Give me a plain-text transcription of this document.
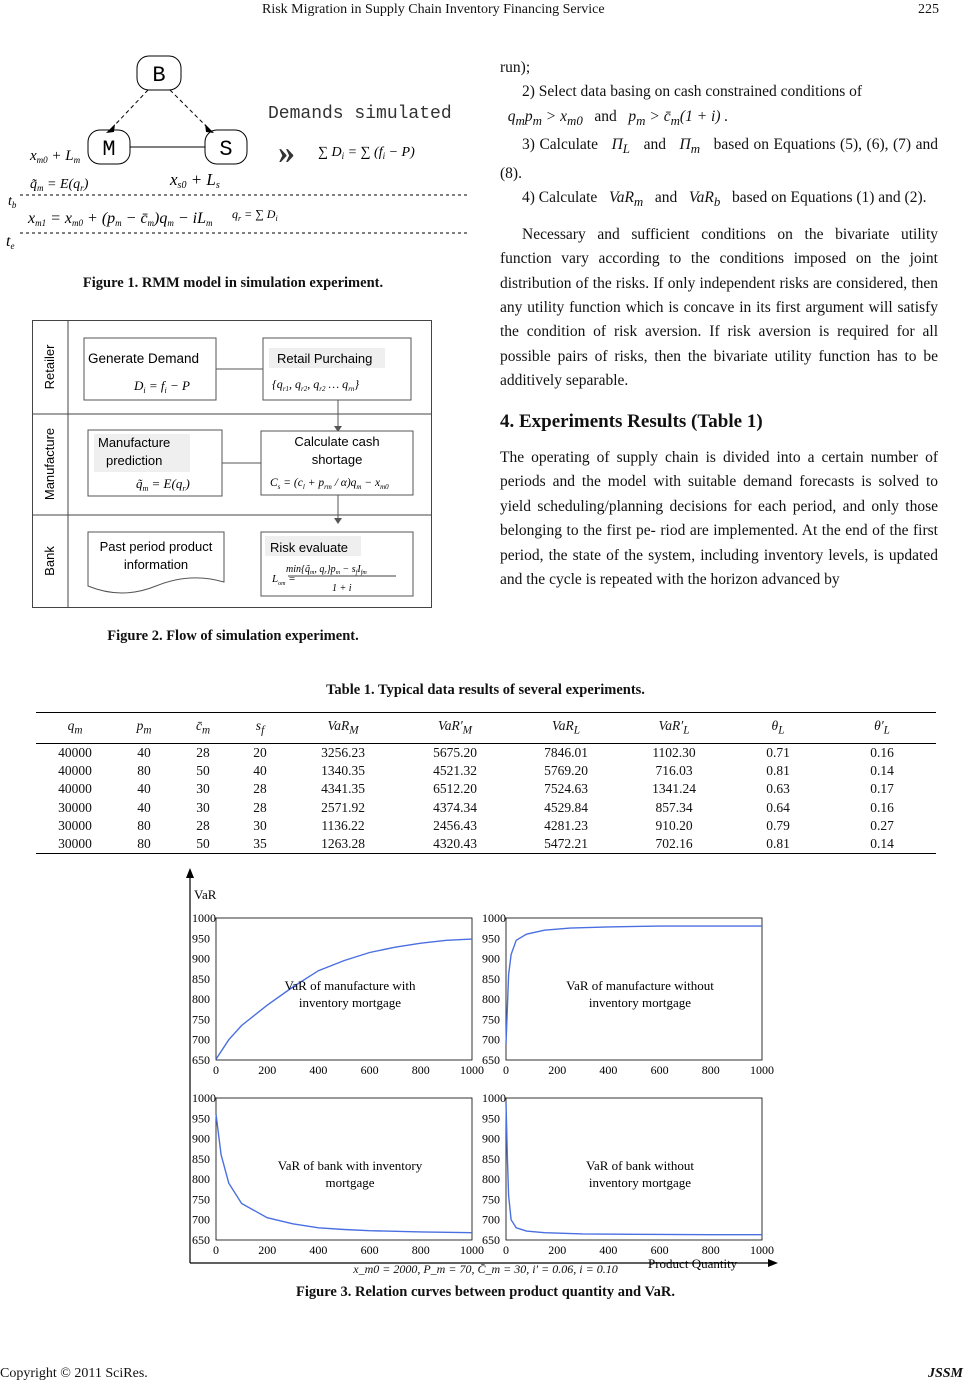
Risk Migration in Supply Chain Inventory Financing Service	225
B
M	S
Demands simulated
» ∑ $D_i$ = ∑ $(f_i - P)$
$x_{m0} + L_m$
$q̃_m = E(q_r)$	xs0 + Ls
$t_b$
xm1 = xm0 + (pm − c̄m)qm − iLm
$q_r$ = ∑ $D_i$
te
Figure 1. RMM model in simulation experiment.
Retailer
Manufacture
Bank
Generate Demand
$D_i = f_i - P$
Retail Purchaing
{$q_{r1}$, $q_{r2}$, $q_{r2}$ … $q_{rn}$}
Manufacture
prediction
$q̃_m = E(q_r)$
Calculate cash
shortage
$C_s = (c_l + p_{rm} / \alpha)q_m - x_{m0}$
Past period product
information
Risk evaluate
$\min\{q̃_m$, $q_r\}p_m - s_fI_{fm}$
$L_{om}$ =
1 + i
Figure 2. Flow of simulation experiment.

run);

2) Select data basing on cash constrained conditions of

$q_mp_m > x_{m0}$ and   $p_m$ > $c̄_m(1 + i)$ .

3) Calculate $\Pi_L$ and $\Pi_m$ based on Equations (5), (6), (7) and (8).

4) Calculate VaR$_m$ and VaR$_b$ based on Equations (1) and (2).

Necessary and sufficient conditions on the bivariate utility function vary according to the conditions imposed on the joint distribution of the risks. If only independent risks are considered, then any utility function which is concave in its first argument will satisfy the condition of risk aversion. If risk aversion is required for all possible pairs of risks, then the bivariate utility function has to be additively separable.

4. Experiments Results (Table 1)

The operating of supply chain is divided into a certain number of periods and the model with suitable demand forecasts is solved to yield scheduling/planning decisions for each period, and only those belonging to the first pe- riod are implemented. At the end of the first period, the state of the system, including inventory levels, is updated and the cycle is repeated with the horizon advanced by

Table 1. Typical data results of several experiments.
$q_m$	$p_m$	$c̄_m$	$s_f$	VaR$_M$	$VaR'_M$	VaR$_L$	$VaR'_L$	$\theta_L$	$\theta'_L$
40000	40	28	20	3256.23	5675.20	7846.01	1102.30	0.71	0.16
40000	80	50	40	1340.35	4521.32	5769.20	716.03	0.81	0.14
40000	40	30	28	4341.35	6512.20	7524.63	1341.24	0.63	0.17
30000	40	30	28	2571.92	4374.34	4529.84	857.34	0.64	0.16
30000	80	28	30	1136.22	2456.43	4281.23	910.20	0.79	0.27
30000	80	50	35	1263.28	4320.43	5472.21	702.16	0.81	0.14
VaR
Product Quantity
1000
950
900
850
800
750
700
650
0	200	400	600	800	1000
VaR of manufacture with
inventory mortgage
1000
950
900
850
800
750
700
650
0	200	400	600	800	1000
VaR of manufacture without
inventory mortgage
1000
950
900
850
800
750
700
650
0	200	400	600	800	1000
VaR of bank with inventory
mortgage
1000
950
900
850
800
750
700
650
0	200	400	600	800	1000
VaR of bank without
inventory mortgage
x_m0 = 2000, P_m = 70, C̄_m = 30, i′ = 0.06, i = 0.10
Figure 3. Relation curves between product quantity and VaR.
Copyright © 2011 SciRes.	JSSM
